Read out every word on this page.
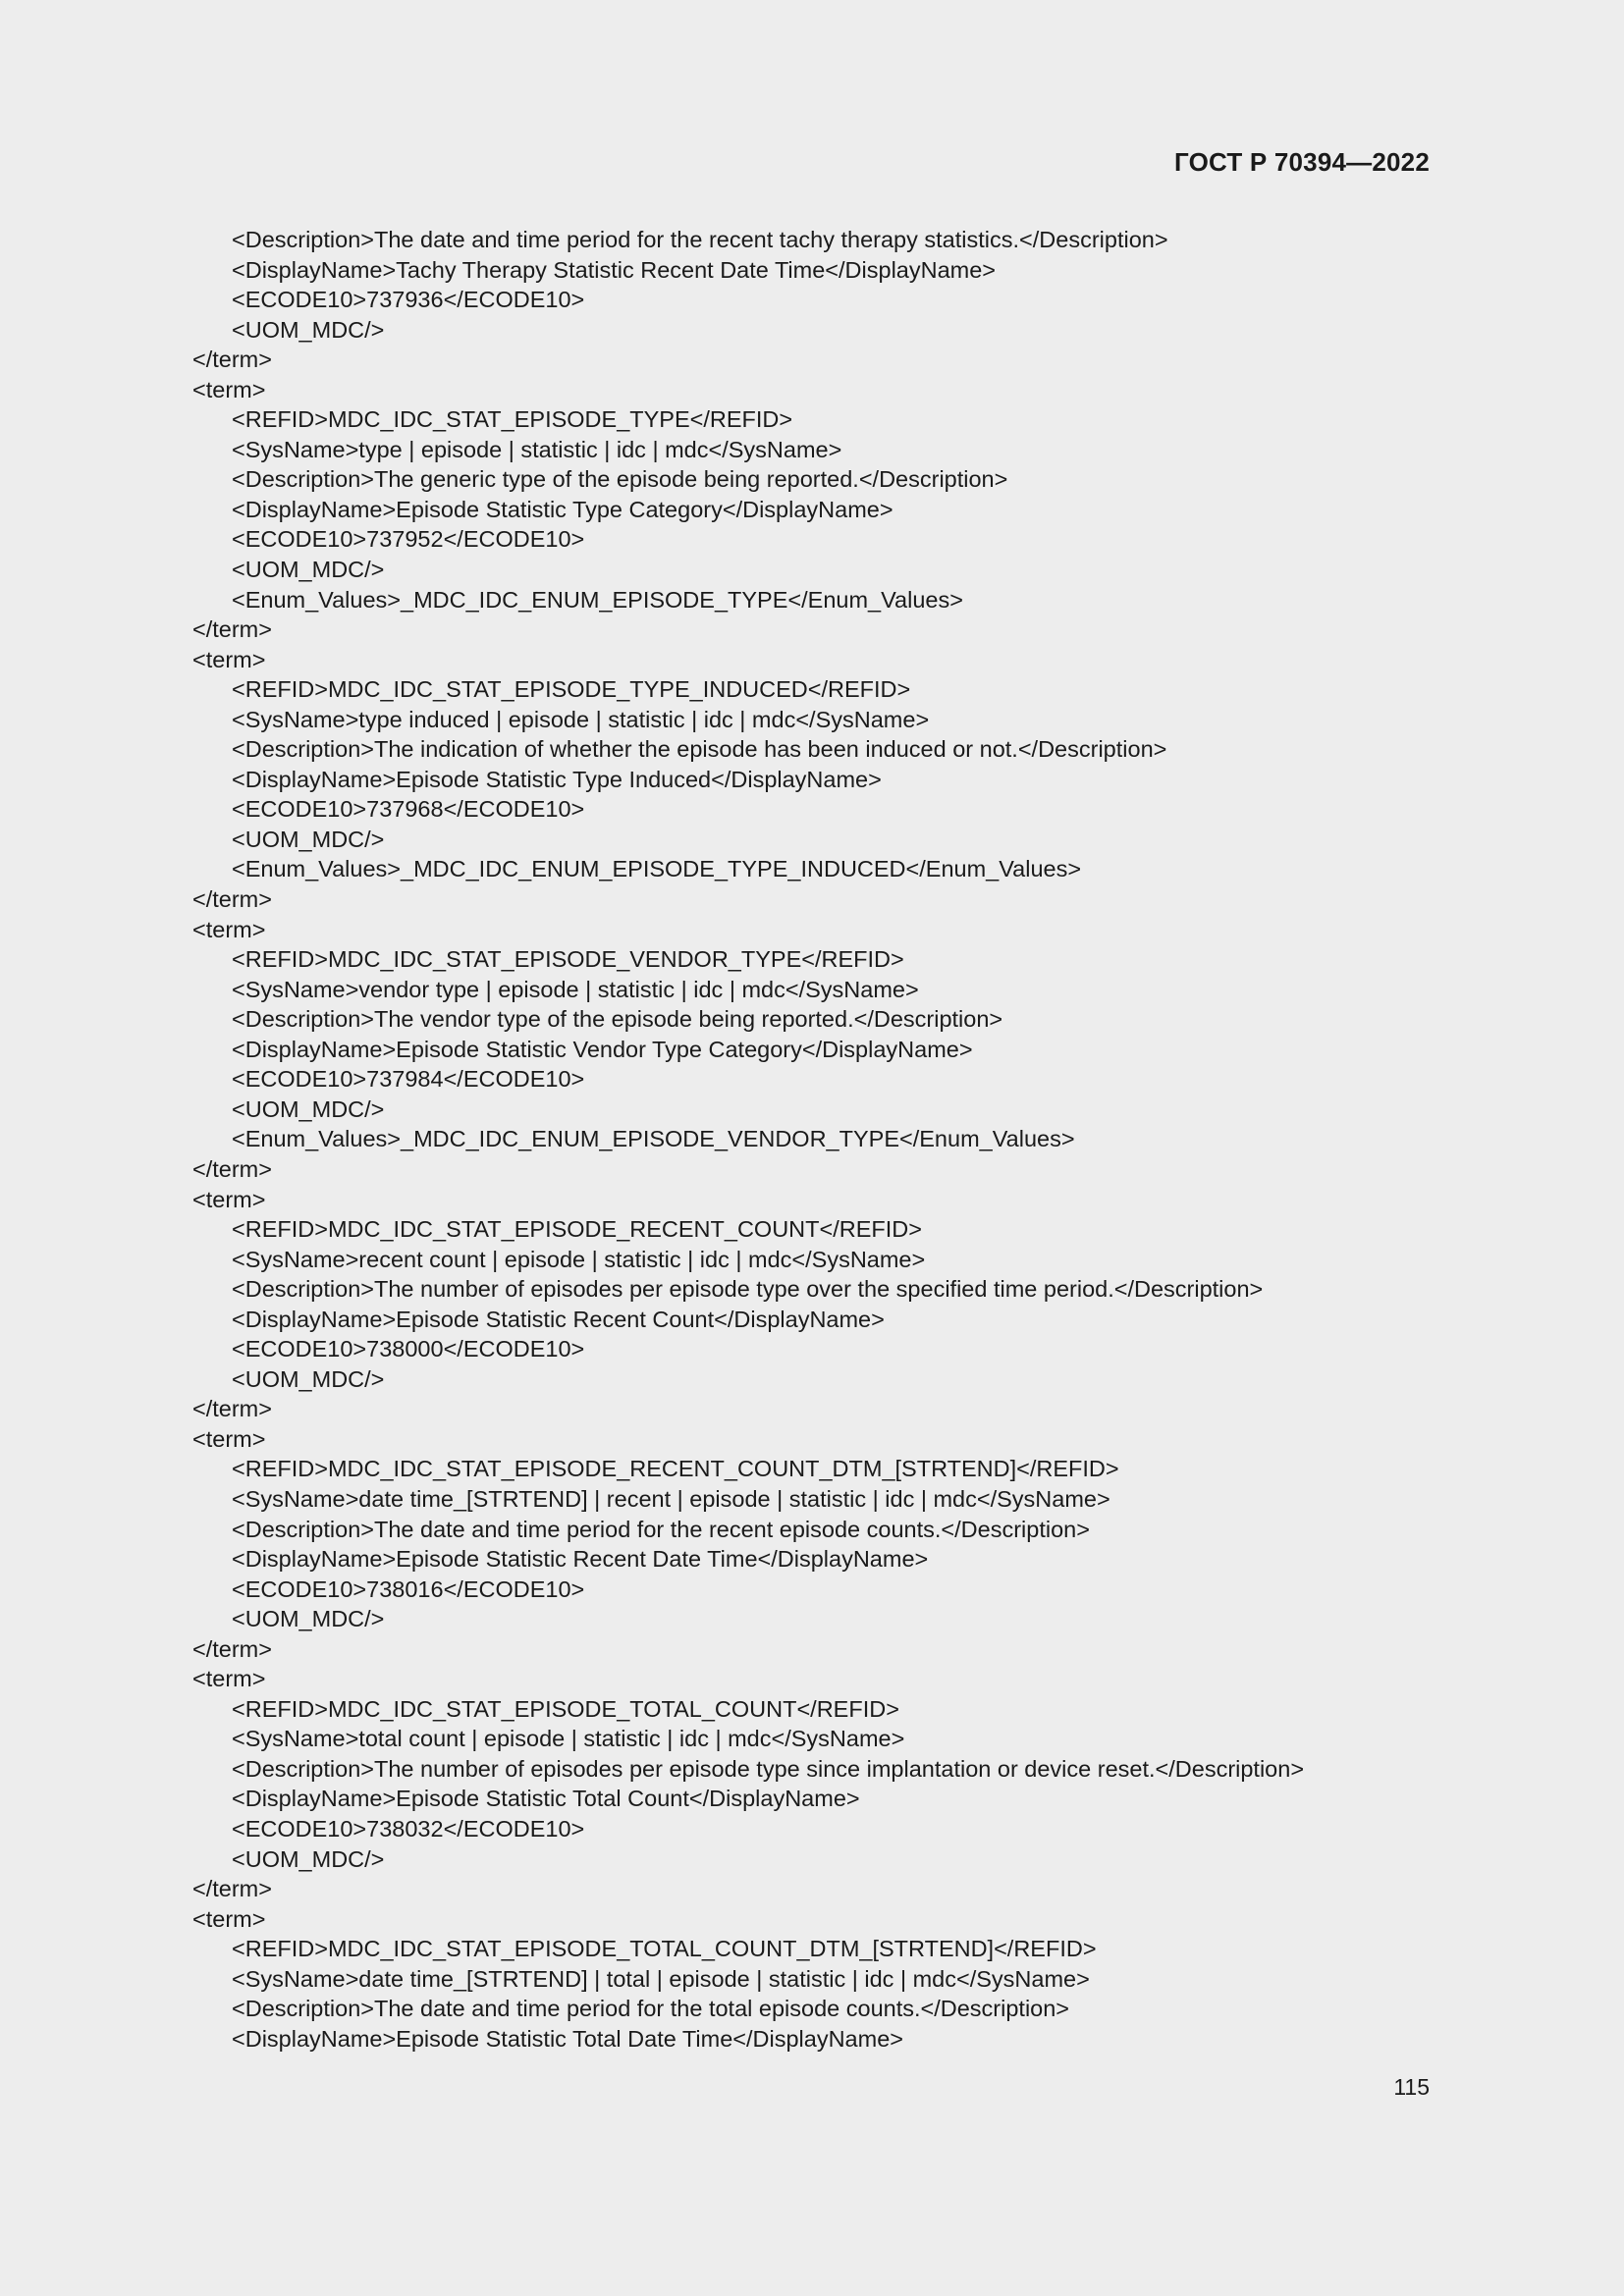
ГОСТ Р 70394—2022
<Description>The date and time period for the recent tachy therapy statistics.</Description>
<DisplayName>Tachy Therapy Statistic Recent Date Time</DisplayName>
<ECODE10>737936</ECODE10>
<UOM_MDC/>
</term>
<term>
<REFID>MDC_IDC_STAT_EPISODE_TYPE</REFID>
<SysName>type | episode | statistic | idc | mdc</SysName>
<Description>The generic type of the episode being reported.</Description>
<DisplayName>Episode Statistic Type Category</DisplayName>
<ECODE10>737952</ECODE10>
<UOM_MDC/>
<Enum_Values>_MDC_IDC_ENUM_EPISODE_TYPE</Enum_Values>
</term>
<term>
<REFID>MDC_IDC_STAT_EPISODE_TYPE_INDUCED</REFID>
<SysName>type induced | episode | statistic | idc | mdc</SysName>
<Description>The indication of whether the episode has been induced or not.</Description>
<DisplayName>Episode Statistic Type Induced</DisplayName>
<ECODE10>737968</ECODE10>
<UOM_MDC/>
<Enum_Values>_MDC_IDC_ENUM_EPISODE_TYPE_INDUCED</Enum_Values>
</term>
<term>
<REFID>MDC_IDC_STAT_EPISODE_VENDOR_TYPE</REFID>
<SysName>vendor type | episode | statistic | idc | mdc</SysName>
<Description>The vendor type of the episode being reported.</Description>
<DisplayName>Episode Statistic Vendor Type Category</DisplayName>
<ECODE10>737984</ECODE10>
<UOM_MDC/>
<Enum_Values>_MDC_IDC_ENUM_EPISODE_VENDOR_TYPE</Enum_Values>
</term>
<term>
<REFID>MDC_IDC_STAT_EPISODE_RECENT_COUNT</REFID>
<SysName>recent count | episode | statistic | idc | mdc</SysName>
<Description>The number of episodes per episode type over the specified time period.</Description>
<DisplayName>Episode Statistic Recent Count</DisplayName>
<ECODE10>738000</ECODE10>
<UOM_MDC/>
</term>
<term>
<REFID>MDC_IDC_STAT_EPISODE_RECENT_COUNT_DTM_[STRTEND]</REFID>
<SysName>date time_[STRTEND] | recent | episode | statistic | idc | mdc</SysName>
<Description>The date and time period for the recent episode counts.</Description>
<DisplayName>Episode Statistic Recent Date Time</DisplayName>
<ECODE10>738016</ECODE10>
<UOM_MDC/>
</term>
<term>
<REFID>MDC_IDC_STAT_EPISODE_TOTAL_COUNT</REFID>
<SysName>total count | episode | statistic | idc | mdc</SysName>
<Description>The number of episodes per episode type since implantation or device reset.</Description>
<DisplayName>Episode Statistic Total Count</DisplayName>
<ECODE10>738032</ECODE10>
<UOM_MDC/>
</term>
<term>
<REFID>MDC_IDC_STAT_EPISODE_TOTAL_COUNT_DTM_[STRTEND]</REFID>
<SysName>date time_[STRTEND] | total | episode | statistic | idc | mdc</SysName>
<Description>The date and time period for the total episode counts.</Description>
<DisplayName>Episode Statistic Total Date Time</DisplayName>
115
